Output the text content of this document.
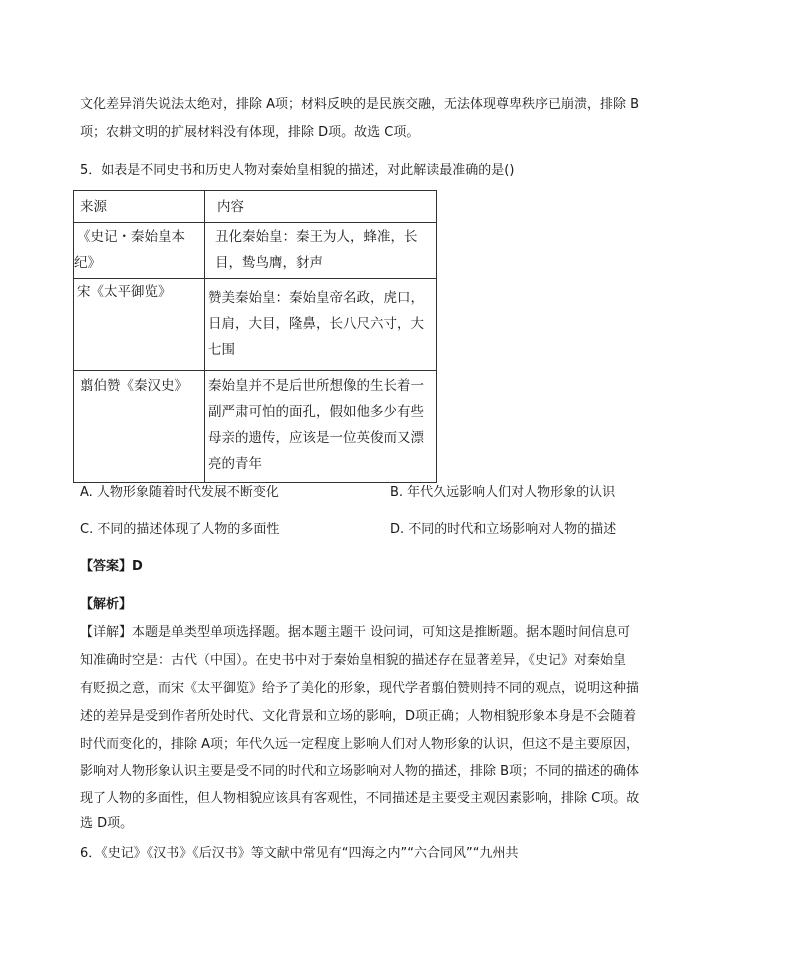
文化差异消失说法太绝对，排除 A项；材料反映的是民族交融，无法体现尊卑秩序已崩溃，排除 B
项；农耕文明的扩展材料没有体现，排除 D项。故选 C项。
5．如表是不同史书和历史人物对秦始皇相貌的描述，对此解读最准确的是()
来源	内容

《史记・秦始皇本
纪》	丑化秦始皇：秦王为人，蜂准，长
目，鸷鸟膺，豺声

宋《太平御览》	赞美秦始皇：秦始皇帝名政，虎口，
日肩，大目，隆鼻，长八尺六寸，大
七围

翦伯赞《秦汉史》	秦始皇并不是后世所想像的生长着一
副严肃可怕的面孔，假如他多少有些
母亲的遗传，应该是一位英俊而又漂
亮的青年
A. 人物形象随着时代发展不断变化	B. 年代久远影响人们对人物形象的认识
C. 不同的描述体现了人物的多面性	D. 不同的时代和立场影响对人物的描述
【答案】D
【解析】
【详解】本题是单类型单项选择题。据本题主题干 设问词，可知这是推断题。据本题时间信息可
知准确时空是：古代（中国）。在史书中对于秦始皇相貌的描述存在显著差异，《史记》对秦始皇
有贬损之意，而宋《太平御览》给予了美化的形象，现代学者翦伯赞则持不同的观点，说明这种描
述的差异是受到作者所处时代、文化背景和立场的影响，D项正确；人物相貌形象本身是不会随着
时代而变化的，排除 A项；年代久远一定程度上影响人们对人物形象的认识，但这不是主要原因，
影响对人物形象认识主要是受不同的时代和立场影响对人物的描述，排除 B项；不同的描述的确体
现了人物的多面性，但人物相貌应该具有客观性，不同描述是主要受主观因素影响，排除 C项。故
选 D项。
6．《史记》《汉书》《后汉书》等文献中常见有“四海之内”“六合同风”“九州共
